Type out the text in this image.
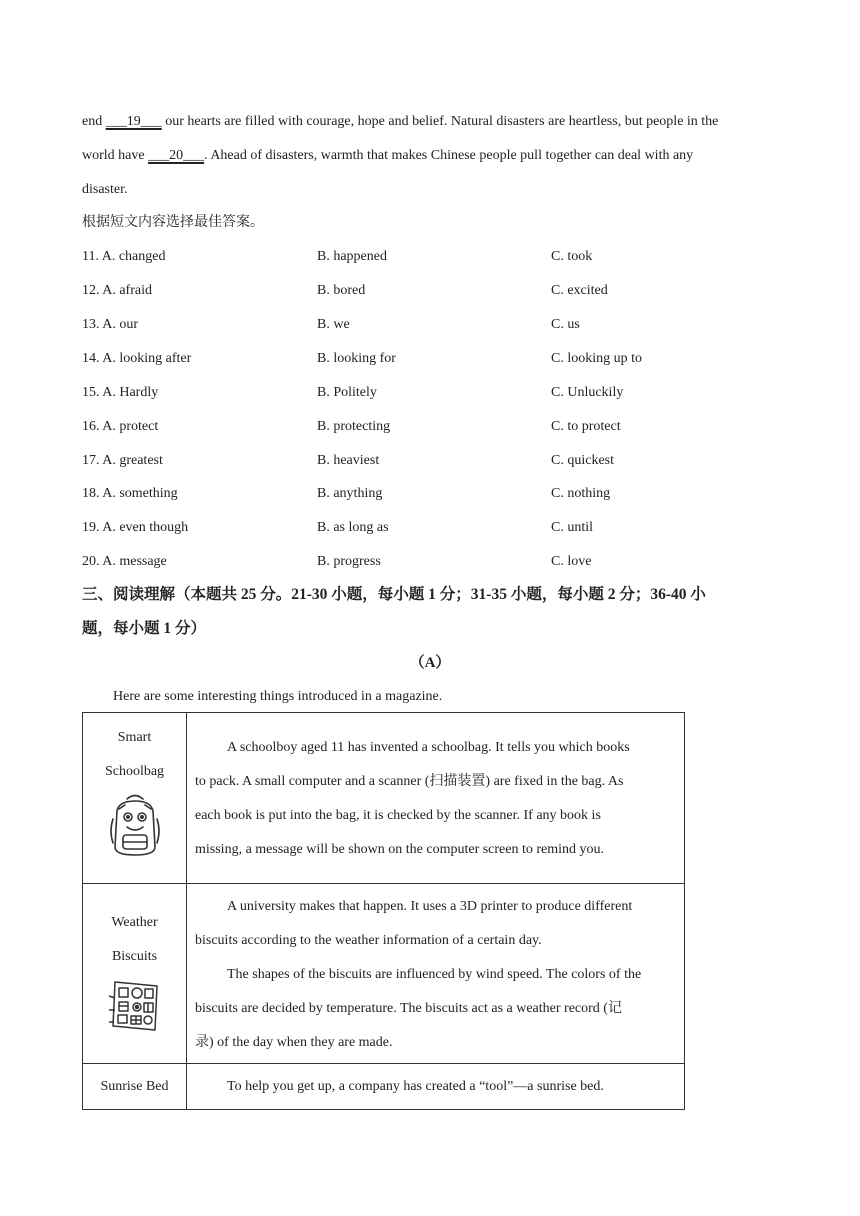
end ___19___ our hearts are filled with courage, hope and belief. Natural disasters are heartless, but people in the
world have ___20___. Ahead of disasters, warmth that makes Chinese people pull together can deal with any
disaster.
根据短文内容选择最佳答案。
11. A. changed	B. happened	C. took
12. A. afraid	B. bored	C. excited
13. A. our	B. we	C. us
14. A. looking after	B. looking for	C. looking up to
15. A. Hardly	B. Politely	C. Unluckily
16. A. protect	B. protecting	C. to protect
17. A. greatest	B. heaviest	C. quickest
18. A. something	B. anything	C. nothing
19. A. even though	B. as long as	C. until
20. A. message	B. progress	C. love
三、阅读理解（本题共 25 分。21-30 小题，每小题 1 分；31-35 小题，每小题 2 分；36-40 小
题，每小题 1 分）
（A）
Here are some interesting things introduced in a magazine.
Smart
Schoolbag	A schoolboy aged 11 has invented a schoolbag. It tells you which books
to pack. A small computer and a scanner (扫描装置) are fixed in the bag. As
each book is put into the bag, it is checked by the scanner. If any book is
missing, a message will be shown on the computer screen to remind you.

Weather
Biscuits	A university makes that happen. It uses a 3D printer to produce different
biscuits according to the weather information of a certain day.
The shapes of the biscuits are influenced by wind speed. The colors of the
biscuits are decided by temperature. The biscuits act as a weather record (记
录) of the day when they are made.

Sunrise Bed	To help you get up, a company has created a “tool”—a sunrise bed.
